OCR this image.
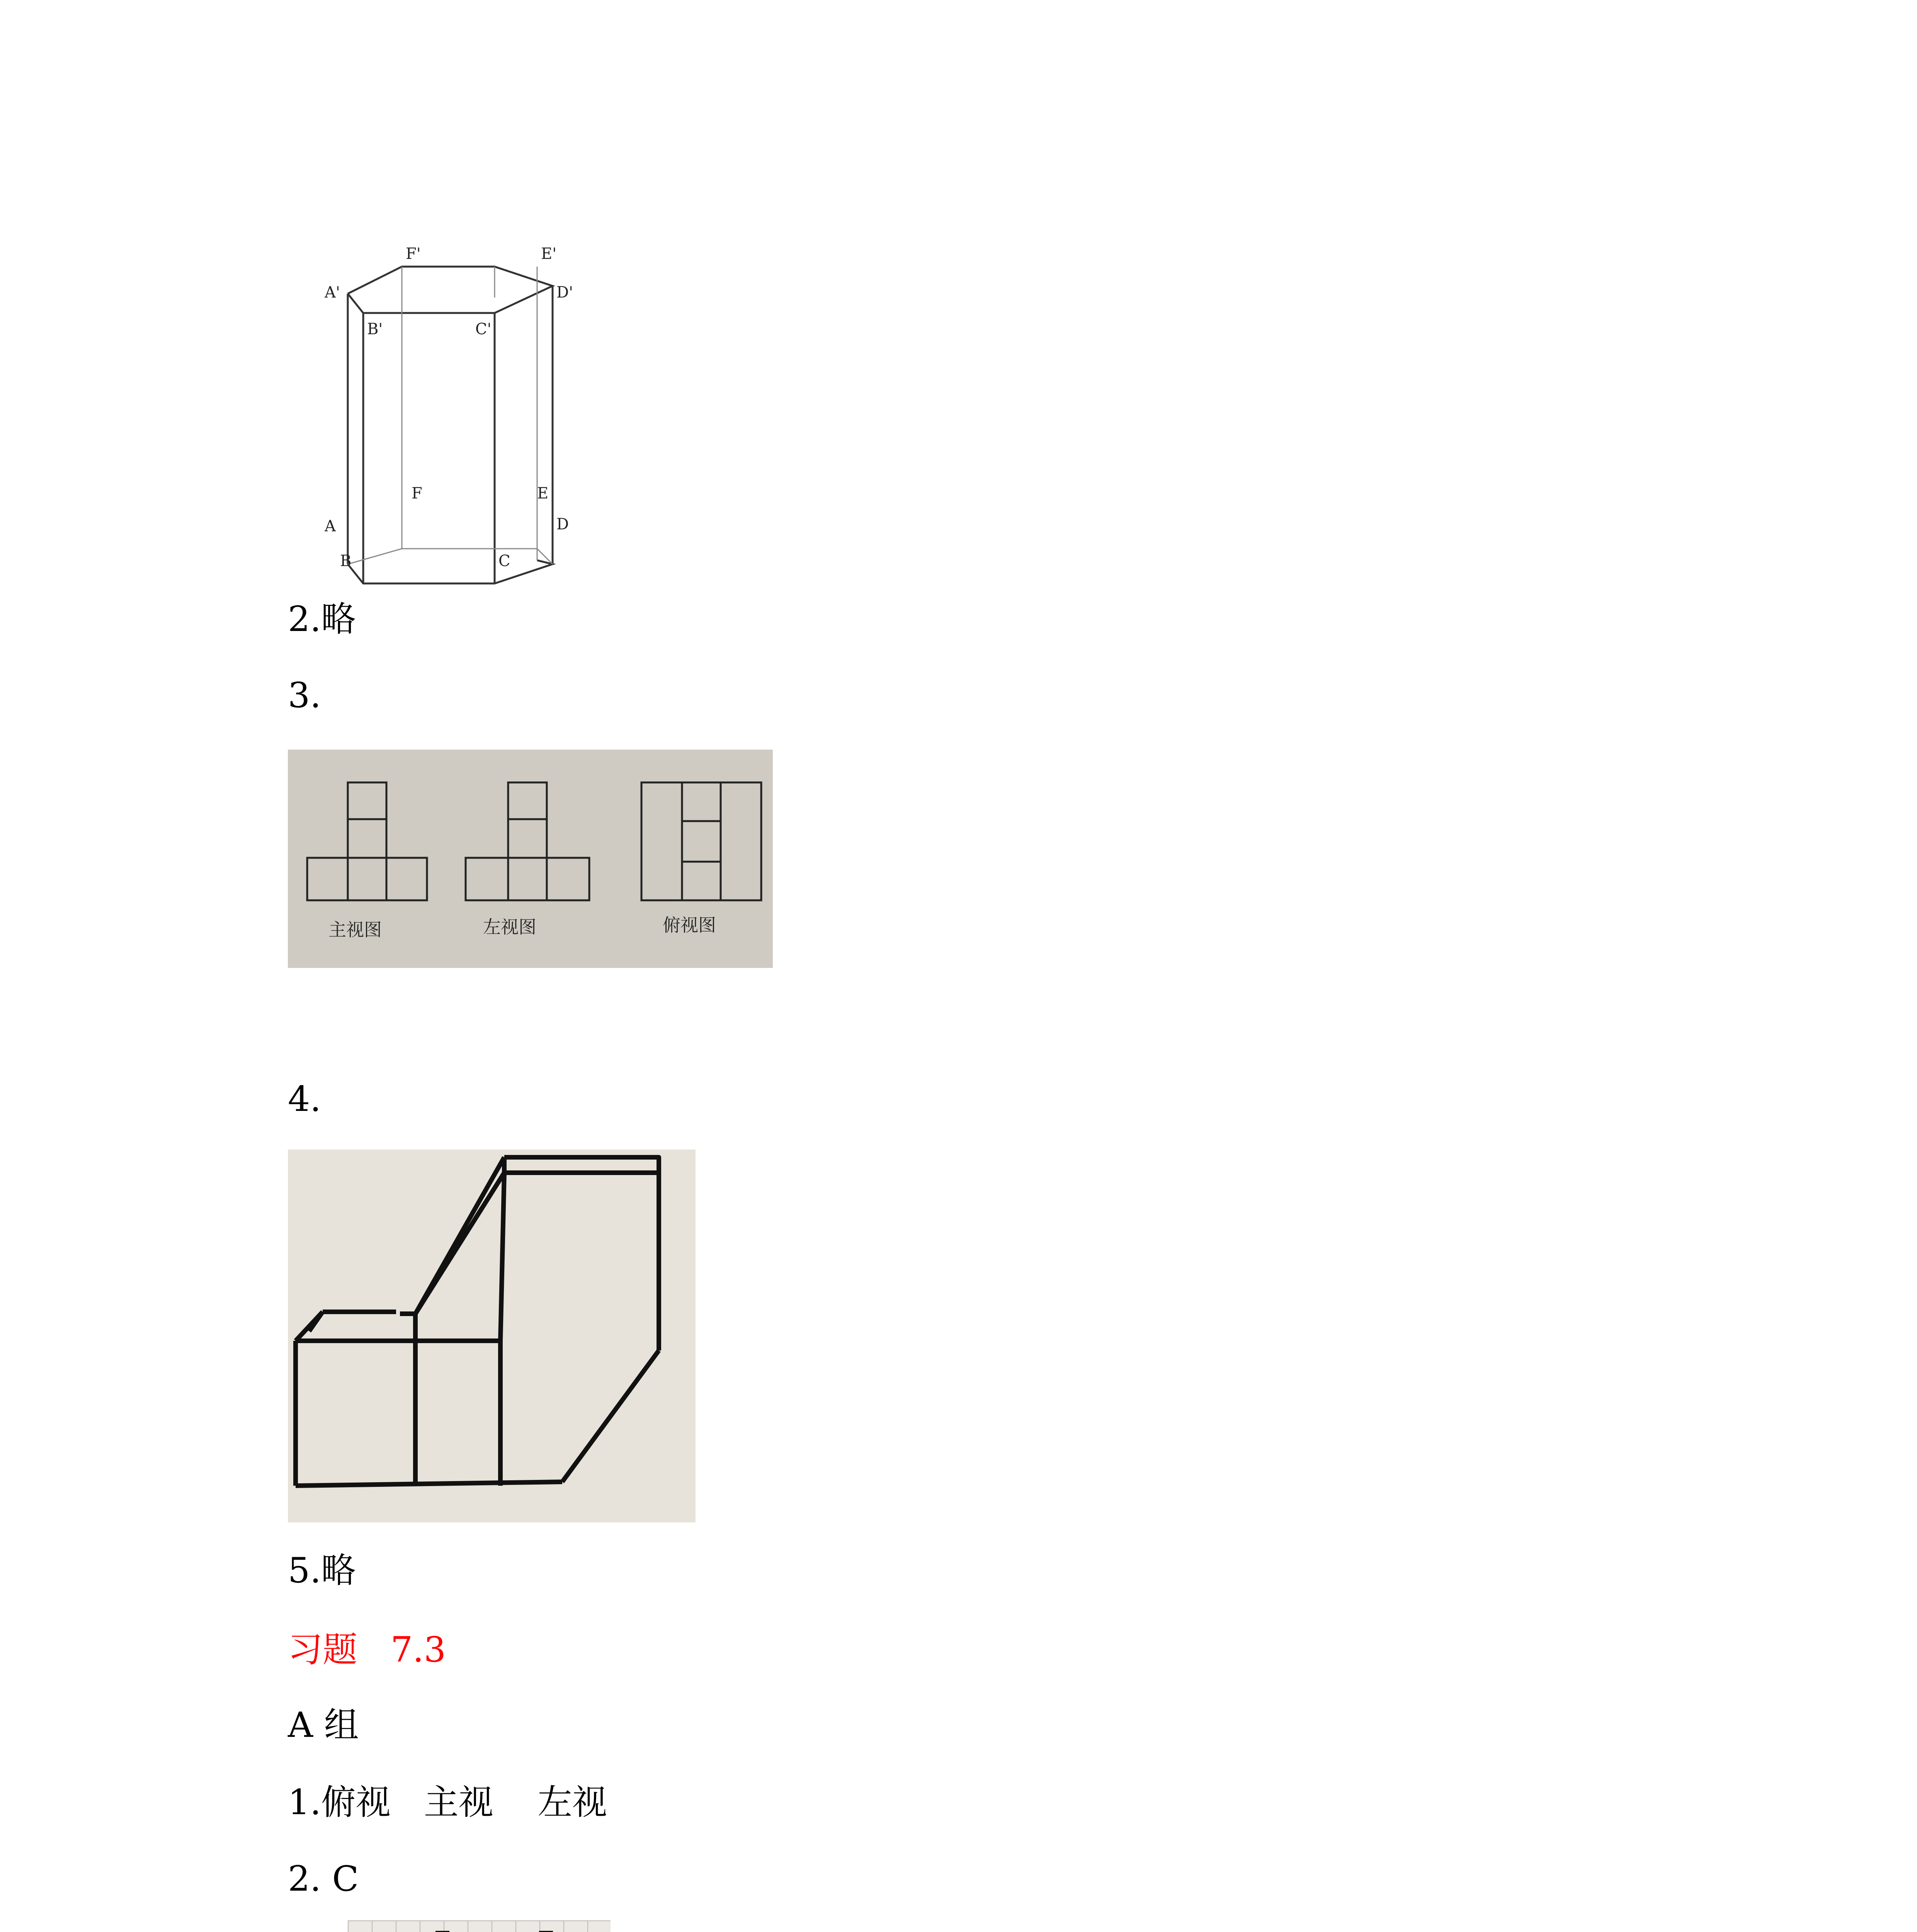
A'
B'	C'
D'
E'
F'
A
B	C
D
E
F
2.略
3.
主视图	左视图	俯视图
4.
5.略
习题   7.3
A 组
1.俯视   主视    左视
2. C
